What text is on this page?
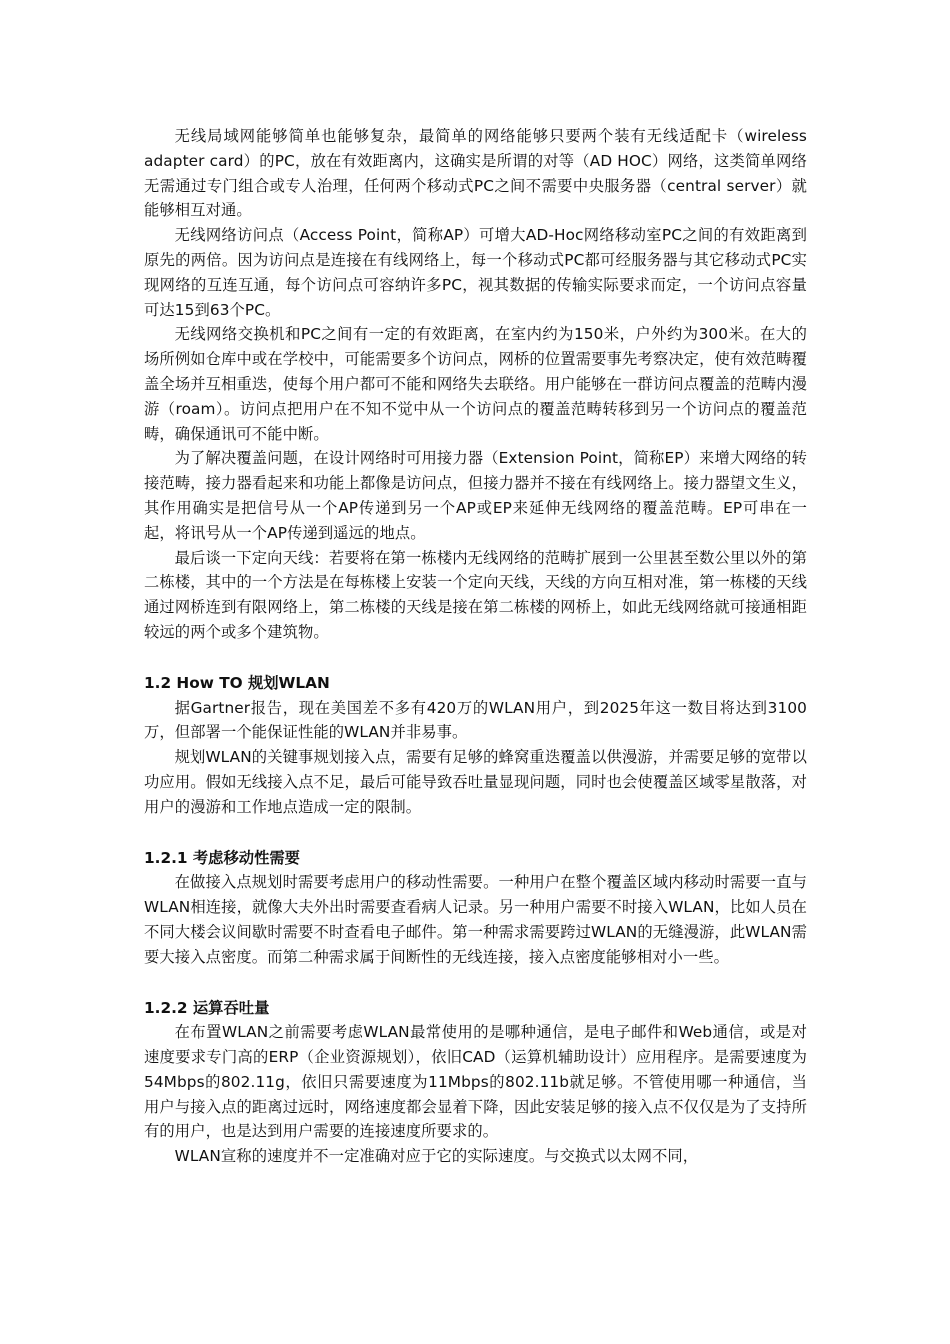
无线局域网能够简单也能够复杂，最简单的网络能够只要两个装有无线适配卡（wireless adapter card）的PC，放在有效距离内，这确实是所谓的对等（AD HOC）网络，这类简单网络无需通过专门组合或专人治理，任何两个移动式PC之间不需要中央服务器（central server）就能够相互对通。

无线网络访问点（Access Point，简称AP）可增大AD-Hoc网络移动室PC之间的有效距离到原先的两倍。因为访问点是连接在有线网络上，每一个移动式PC都可经服务器与其它移动式PC实现网络的互连互通，每个访问点可容纳许多PC，视其数据的传输实际要求而定，一个访问点容量可达15到63个PC。

无线网络交换机和PC之间有一定的有效距离，在室内约为150米，户外约为300米。在大的场所例如仓库中或在学校中，可能需要多个访问点，网桥的位置需要事先考察决定，使有效范畴覆盖全场并互相重迭，使每个用户都可不能和网络失去联络。用户能够在一群访问点覆盖的范畴内漫游（roam）。访问点把用户在不知不觉中从一个访问点的覆盖范畴转移到另一个访问点的覆盖范畴，确保通讯可不能中断。

为了解决覆盖问题，在设计网络时可用接力器（Extension Point，简称EP）来增大网络的转接范畴，接力器看起来和功能上都像是访问点，但接力器并不接在有线网络上。接力器望文生义，其作用确实是把信号从一个AP传递到另一个AP或EP来延伸无线网络的覆盖范畴。EP可串在一起，将讯号从一个AP传递到遥远的地点。

最后谈一下定向天线：若要将在第一栋楼内无线网络的范畴扩展到一公里甚至数公里以外的第二栋楼，其中的一个方法是在每栋楼上安装一个定向天线，天线的方向互相对准，第一栋楼的天线通过网桥连到有限网络上，第二栋楼的天线是接在第二栋楼的网桥上，如此无线网络就可接通相距较远的两个或多个建筑物。

1.2 How TO 规划WLAN

据Gartner报告，现在美国差不多有420万的WLAN用户，到2025年这一数目将达到3100万，但部署一个能保证性能的WLAN并非易事。

规划WLAN的关键事规划接入点，需要有足够的蜂窝重迭覆盖以供漫游，并需要足够的宽带以功应用。假如无线接入点不足，最后可能导致吞吐量显现问题，同时也会使覆盖区域零星散落，对用户的漫游和工作地点造成一定的限制。

1.2.1 考虑移动性需要

在做接入点规划时需要考虑用户的移动性需要。一种用户在整个覆盖区域内移动时需要一直与WLAN相连接，就像大夫外出时需要查看病人记录。另一种用户需要不时接入WLAN，比如人员在不同大楼会议间歇时需要不时查看电子邮件。第一种需求需要跨过WLAN的无缝漫游，此WLAN需要大接入点密度。而第二种需求属于间断性的无线连接，接入点密度能够相对小一些。

1.2.2 运算吞吐量

在布置WLAN之前需要考虑WLAN最常使用的是哪种通信，是电子邮件和Web通信，或是对速度要求专门高的ERP（企业资源规划），依旧CAD（运算机辅助设计）应用程序。是需要速度为54Mbps的802.11g，依旧只需要速度为11Mbps的802.11b就足够。不管使用哪一种通信，当用户与接入点的距离过远时，网络速度都会显着下降，因此安装足够的接入点不仅仅是为了支持所有的用户，也是达到用户需要的连接速度所要求的。

WLAN宣称的速度并不一定准确对应于它的实际速度。与交换式以太网不同，
